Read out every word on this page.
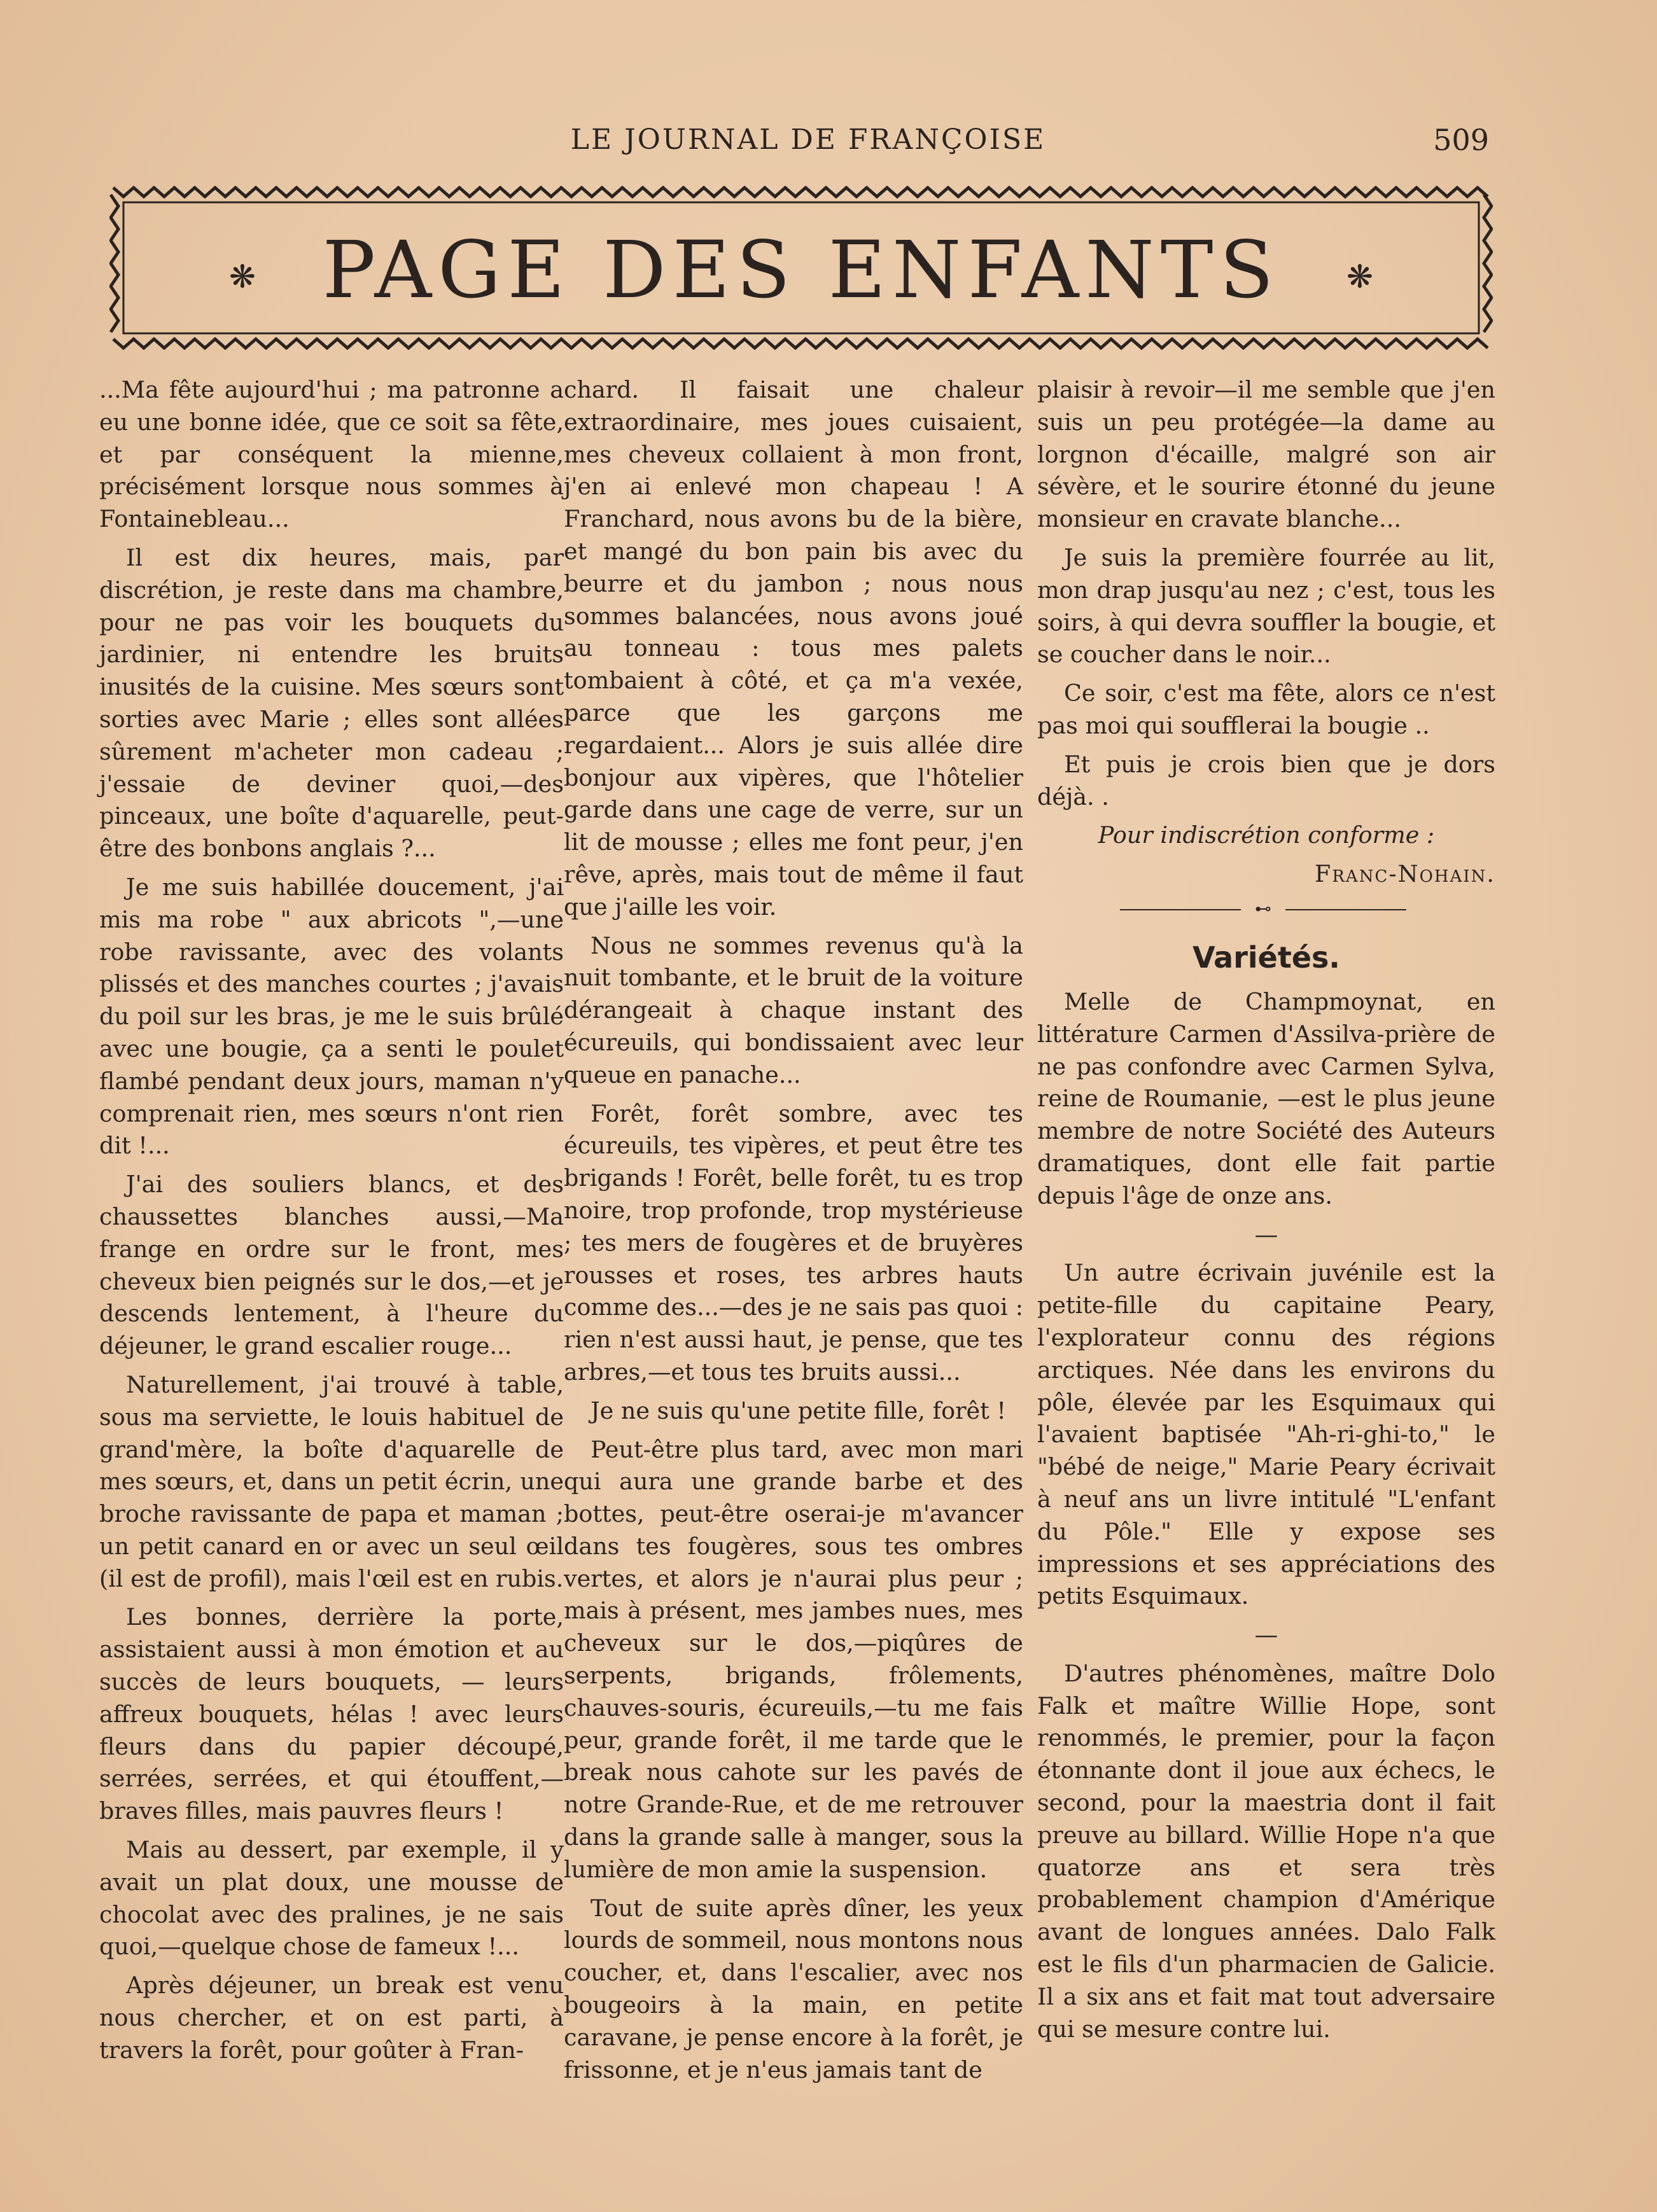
LE JOURNAL DE FRANÇOISE	509
❋ PAGE DES ENFANTS	❋

...Ma fête aujourd'hui ; ma patronne a eu une bonne idée, que ce soit sa fête, et par conséquent la mienne, précisément lorsque nous sommes à Fontainebleau...

Il est dix heures, mais, par discrétion, je reste dans ma chambre, pour ne pas voir les bouquets du jardinier, ni entendre les bruits inusités de la cuisine. Mes sœurs sont sorties avec Marie ; elles sont allées sûrement m'acheter mon cadeau ; j'essaie de deviner quoi,—des pinceaux, une boîte d'aquarelle, peut-être des bonbons anglais ?...

Je me suis habillée doucement, j'ai mis ma robe " aux abricots ",—une robe ravissante, avec des volants plissés et des manches courtes ; j'avais du poil sur les bras, je me le suis brûlé avec une bougie, ça a senti le poulet flambé pendant deux jours, maman n'y comprenait rien, mes sœurs n'ont rien dit !...

J'ai des souliers blancs, et des chaussettes blanches aussi,—Ma frange en ordre sur le front, mes cheveux bien peignés sur le dos,—et je descends lentement, à l'heure du déjeuner, le grand escalier rouge...

Naturellement, j'ai trouvé à table, sous ma serviette, le louis habituel de grand'mère, la boîte d'aquarelle de mes sœurs, et, dans un petit écrin, une broche ravissante de papa et maman ; un petit canard en or avec un seul œil (il est de profil), mais l'œil est en rubis.

Les bonnes, derrière la porte, assistaient aussi à mon émotion et au succès de leurs bouquets, — leurs affreux bouquets, hélas ! avec leurs fleurs dans du papier découpé, serrées, serrées, et qui étouffent,—braves filles, mais pauvres fleurs !

Mais au dessert, par exemple, il y avait un plat doux, une mousse de chocolat avec des pralines, je ne sais quoi,—quelque chose de fameux !...

Après déjeuner, un break est venu nous chercher, et on est parti, à travers la forêt, pour goûter à Fran-

chard. Il faisait une chaleur extraordinaire, mes joues cuisaient, mes cheveux collaient à mon front, j'en ai enlevé mon chapeau ! A Franchard, nous avons bu de la bière, et mangé du bon pain bis avec du beurre et du jambon ; nous nous sommes balancées, nous avons joué au tonneau : tous mes palets tombaient à côté, et ça m'a vexée, parce que les garçons me regardaient... Alors je suis allée dire bonjour aux vipères, que l'hôtelier garde dans une cage de verre, sur un lit de mousse ; elles me font peur, j'en rêve, après, mais tout de même il faut que j'aille les voir.

Nous ne sommes revenus qu'à la nuit tombante, et le bruit de la voiture dérangeait à chaque instant des écureuils, qui bondissaient avec leur queue en panache...

Forêt, forêt sombre, avec tes écureuils, tes vipères, et peut être tes brigands ! Forêt, belle forêt, tu es trop noire, trop profonde, trop mystérieuse ; tes mers de fougères et de bruyères rousses et roses, tes arbres hauts comme des...—des je ne sais pas quoi : rien n'est aussi haut, je pense, que tes arbres,—et tous tes bruits aussi...

Je ne suis qu'une petite fille, forêt !

Peut-être plus tard, avec mon mari qui aura une grande barbe et des bottes, peut-être oserai-je m'avancer dans tes fougères, sous tes ombres vertes, et alors je n'aurai plus peur ; mais à présent, mes jambes nues, mes cheveux sur le dos,—piqûres de serpents, brigands, frôlements, chauves-souris, écureuils,—tu me fais peur, grande forêt, il me tarde que le break nous cahote sur les pavés de notre Grande-Rue, et de me retrouver dans la grande salle à manger, sous la lumière de mon amie la suspension.

Tout de suite après dîner, les yeux lourds de sommeil, nous montons nous coucher, et, dans l'escalier, avec nos bougeoirs à la main, en petite caravane, je pense encore à la forêt, je frissonne, et je n'eus jamais tant de

plaisir à revoir—il me semble que j'en suis un peu protégée—la dame au lorgnon d'écaille, malgré son air sévère, et le sourire étonné du jeune monsieur en cravate blanche...

Je suis la première fourrée au lit, mon drap jusqu'au nez ; c'est, tous les soirs, à qui devra souffler la bougie, et se coucher dans le noir...

Ce soir, c'est ma fête, alors ce n'est pas moi qui soufflerai la bougie ..

Et puis je crois bien que je dors déjà. .

Pour indiscrétion conforme :

Franc-Nohain.

⊷

Variétés.

Melle de Champmoynat, en littérature Carmen d'Assilva-prière de ne pas confondre avec Carmen Sylva, reine de Roumanie, —est le plus jeune membre de notre Société des Auteurs dramatiques, dont elle fait partie depuis l'âge de onze ans.

—

Un autre écrivain juvénile est la petite-fille du capitaine Peary, l'explorateur connu des régions arctiques. Née dans les environs du pôle, élevée par les Esquimaux qui l'avaient baptisée "Ah-ri-ghi-to," le "bébé de neige," Marie Peary écrivait à neuf ans un livre intitulé "L'enfant du Pôle." Elle y expose ses impressions et ses appréciations des petits Esquimaux.

—

D'autres phénomènes, maître Dolo Falk et maître Willie Hope, sont renommés, le premier, pour la façon étonnante dont il joue aux échecs, le second, pour la maestria dont il fait preuve au billard. Willie Hope n'a que quatorze ans et sera très probablement champion d'Amérique avant de longues années. Dalo Falk est le fils d'un pharmacien de Galicie. Il a six ans et fait mat tout adversaire qui se mesure contre lui.
